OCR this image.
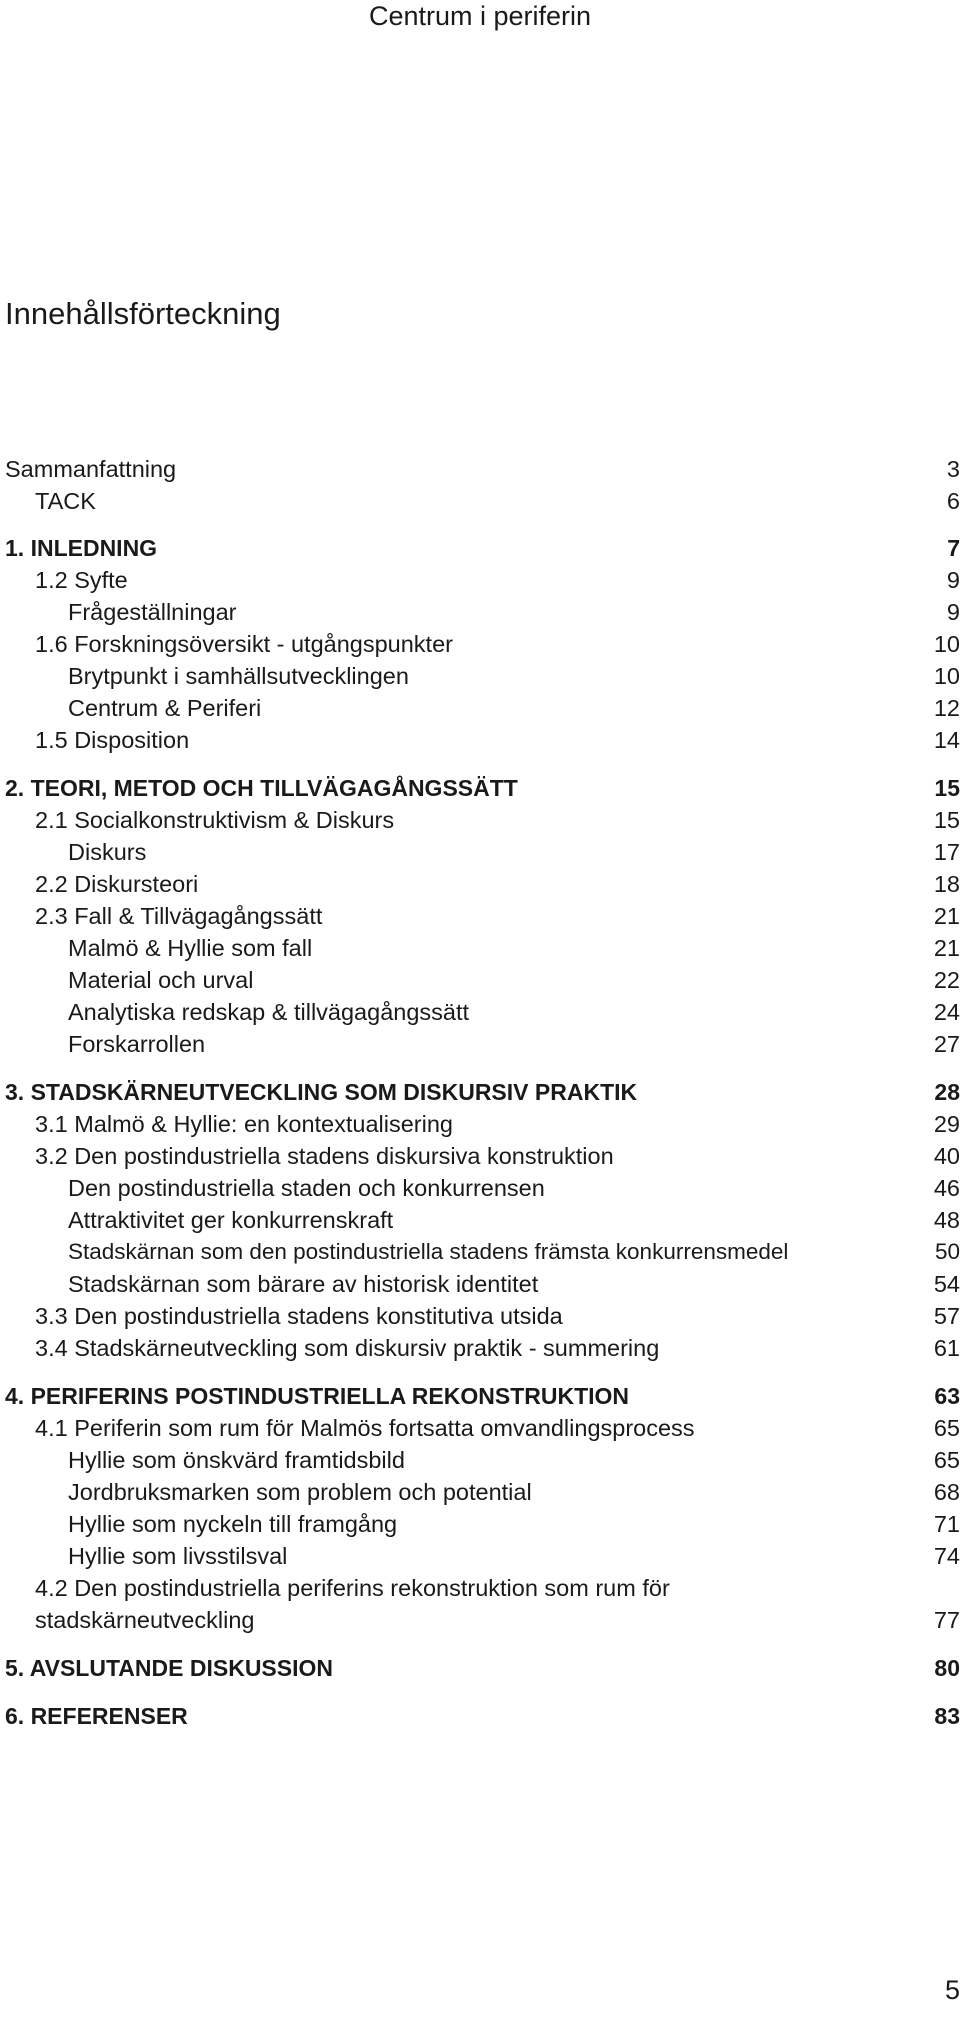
Centrum i periferin
Innehållsförteckning
Sammanfattning	3
TACK	6
1. INLEDNING	7
1.2 Syfte	9
Frågeställningar	9
1.6 Forskningsöversikt - utgångspunkter	10
Brytpunkt i samhällsutvecklingen	10
Centrum & Periferi	12
1.5 Disposition	14
2. TEORI, METOD OCH TILLVÄGAGÅNGSSÄTT	15
2.1 Socialkonstruktivism & Diskurs	15
Diskurs	17
2.2 Diskursteori	18
2.3 Fall & Tillvägagångssätt	21
Malmö & Hyllie som fall	21
Material och urval	22
Analytiska redskap & tillvägagångssätt	24
Forskarrollen	27
3. STADSKÄRNEUTVECKLING SOM DISKURSIV PRAKTIK	28
3.1 Malmö & Hyllie: en kontextualisering	29
3.2 Den postindustriella stadens diskursiva konstruktion	40
Den postindustriella staden och konkurrensen	46
Attraktivitet ger konkurrenskraft	48
Stadskärnan som den postindustriella stadens främsta konkurrensmedel	50
Stadskärnan som bärare av historisk identitet	54
3.3 Den postindustriella stadens konstitutiva utsida	57
3.4 Stadskärneutveckling som diskursiv praktik - summering	61
4. PERIFERINS POSTINDUSTRIELLA REKONSTRUKTION	63
4.1 Periferin som rum för Malmös fortsatta omvandlingsprocess	65
Hyllie som önskvärd framtidsbild	65
Jordbruksmarken som problem och potential	68
Hyllie som nyckeln till framgång	71
Hyllie som livsstilsval	74
4.2 Den postindustriella periferins rekonstruktion som rum för stadskärneutveckling	77
5. AVSLUTANDE DISKUSSION	80
6. REFERENSER	83
5
